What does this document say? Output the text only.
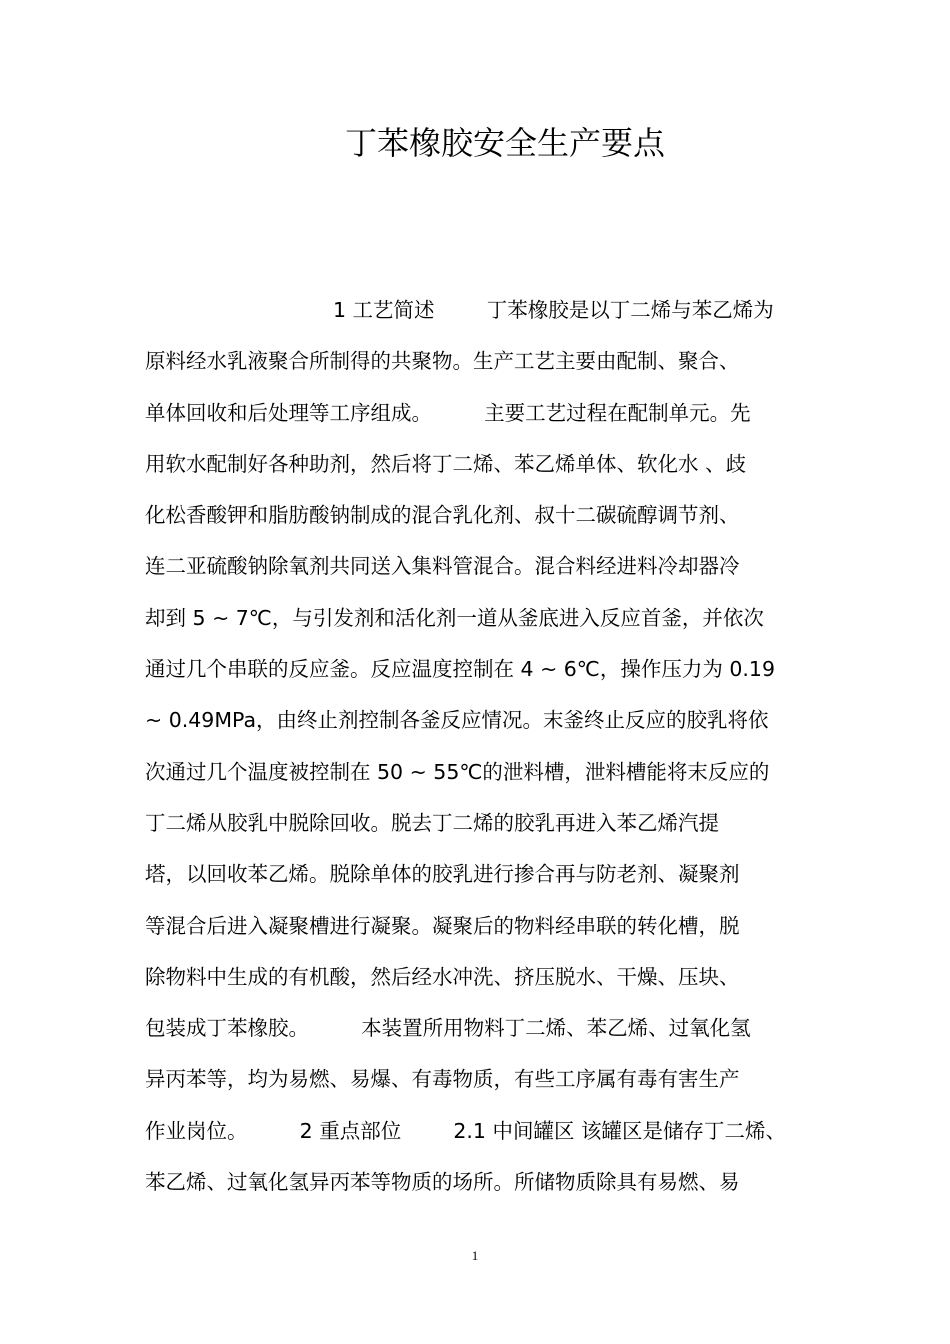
丁苯橡胶安全生产要点
1 工艺简述        丁苯橡胶是以丁二烯与苯乙烯为
原料经水乳液聚合所制得的共聚物。生产工艺主要由配制、聚合、
单体回收和后处理等工序组成。        主要工艺过程在配制单元。先
用软水配制好各种助剂，然后将丁二烯、苯乙烯单体、软化水 、歧
化松香酸钾和脂肪酸钠制成的混合乳化剂、叔十二碳硫醇调节剂、
连二亚硫酸钠除氧剂共同送入集料管混合。混合料经进料冷却器冷
却到 5 ~ 7℃，与引发剂和活化剂一道从釜底进入反应首釜，并依次
通过几个串联的反应釜。反应温度控制在 4 ~ 6℃，操作压力为 0.19
~ 0.49MPa，由终止剂控制各釜反应情况。末釜终止反应的胶乳将依
次通过几个温度被控制在 50 ~ 55℃的泄料槽，泄料槽能将末反应的
丁二烯从胶乳中脱除回收。脱去丁二烯的胶乳再进入苯乙烯汽提
塔，以回收苯乙烯。脱除单体的胶乳进行掺合再与防老剂、凝聚剂
等混合后进入凝聚槽进行凝聚。凝聚后的物料经串联的转化槽，脱
除物料中生成的有机酸，然后经水冲洗、挤压脱水、干燥、压块、
包装成丁苯橡胶。        本装置所用物料丁二烯、苯乙烯、过氧化氢
异丙苯等，均为易燃、易爆、有毒物质，有些工序属有毒有害生产
作业岗位。        2 重点部位        2.1 中间罐区 该罐区是储存丁二烯、
苯乙烯、过氧化氢异丙苯等物质的场所。所储物质除具有易燃、易
1
